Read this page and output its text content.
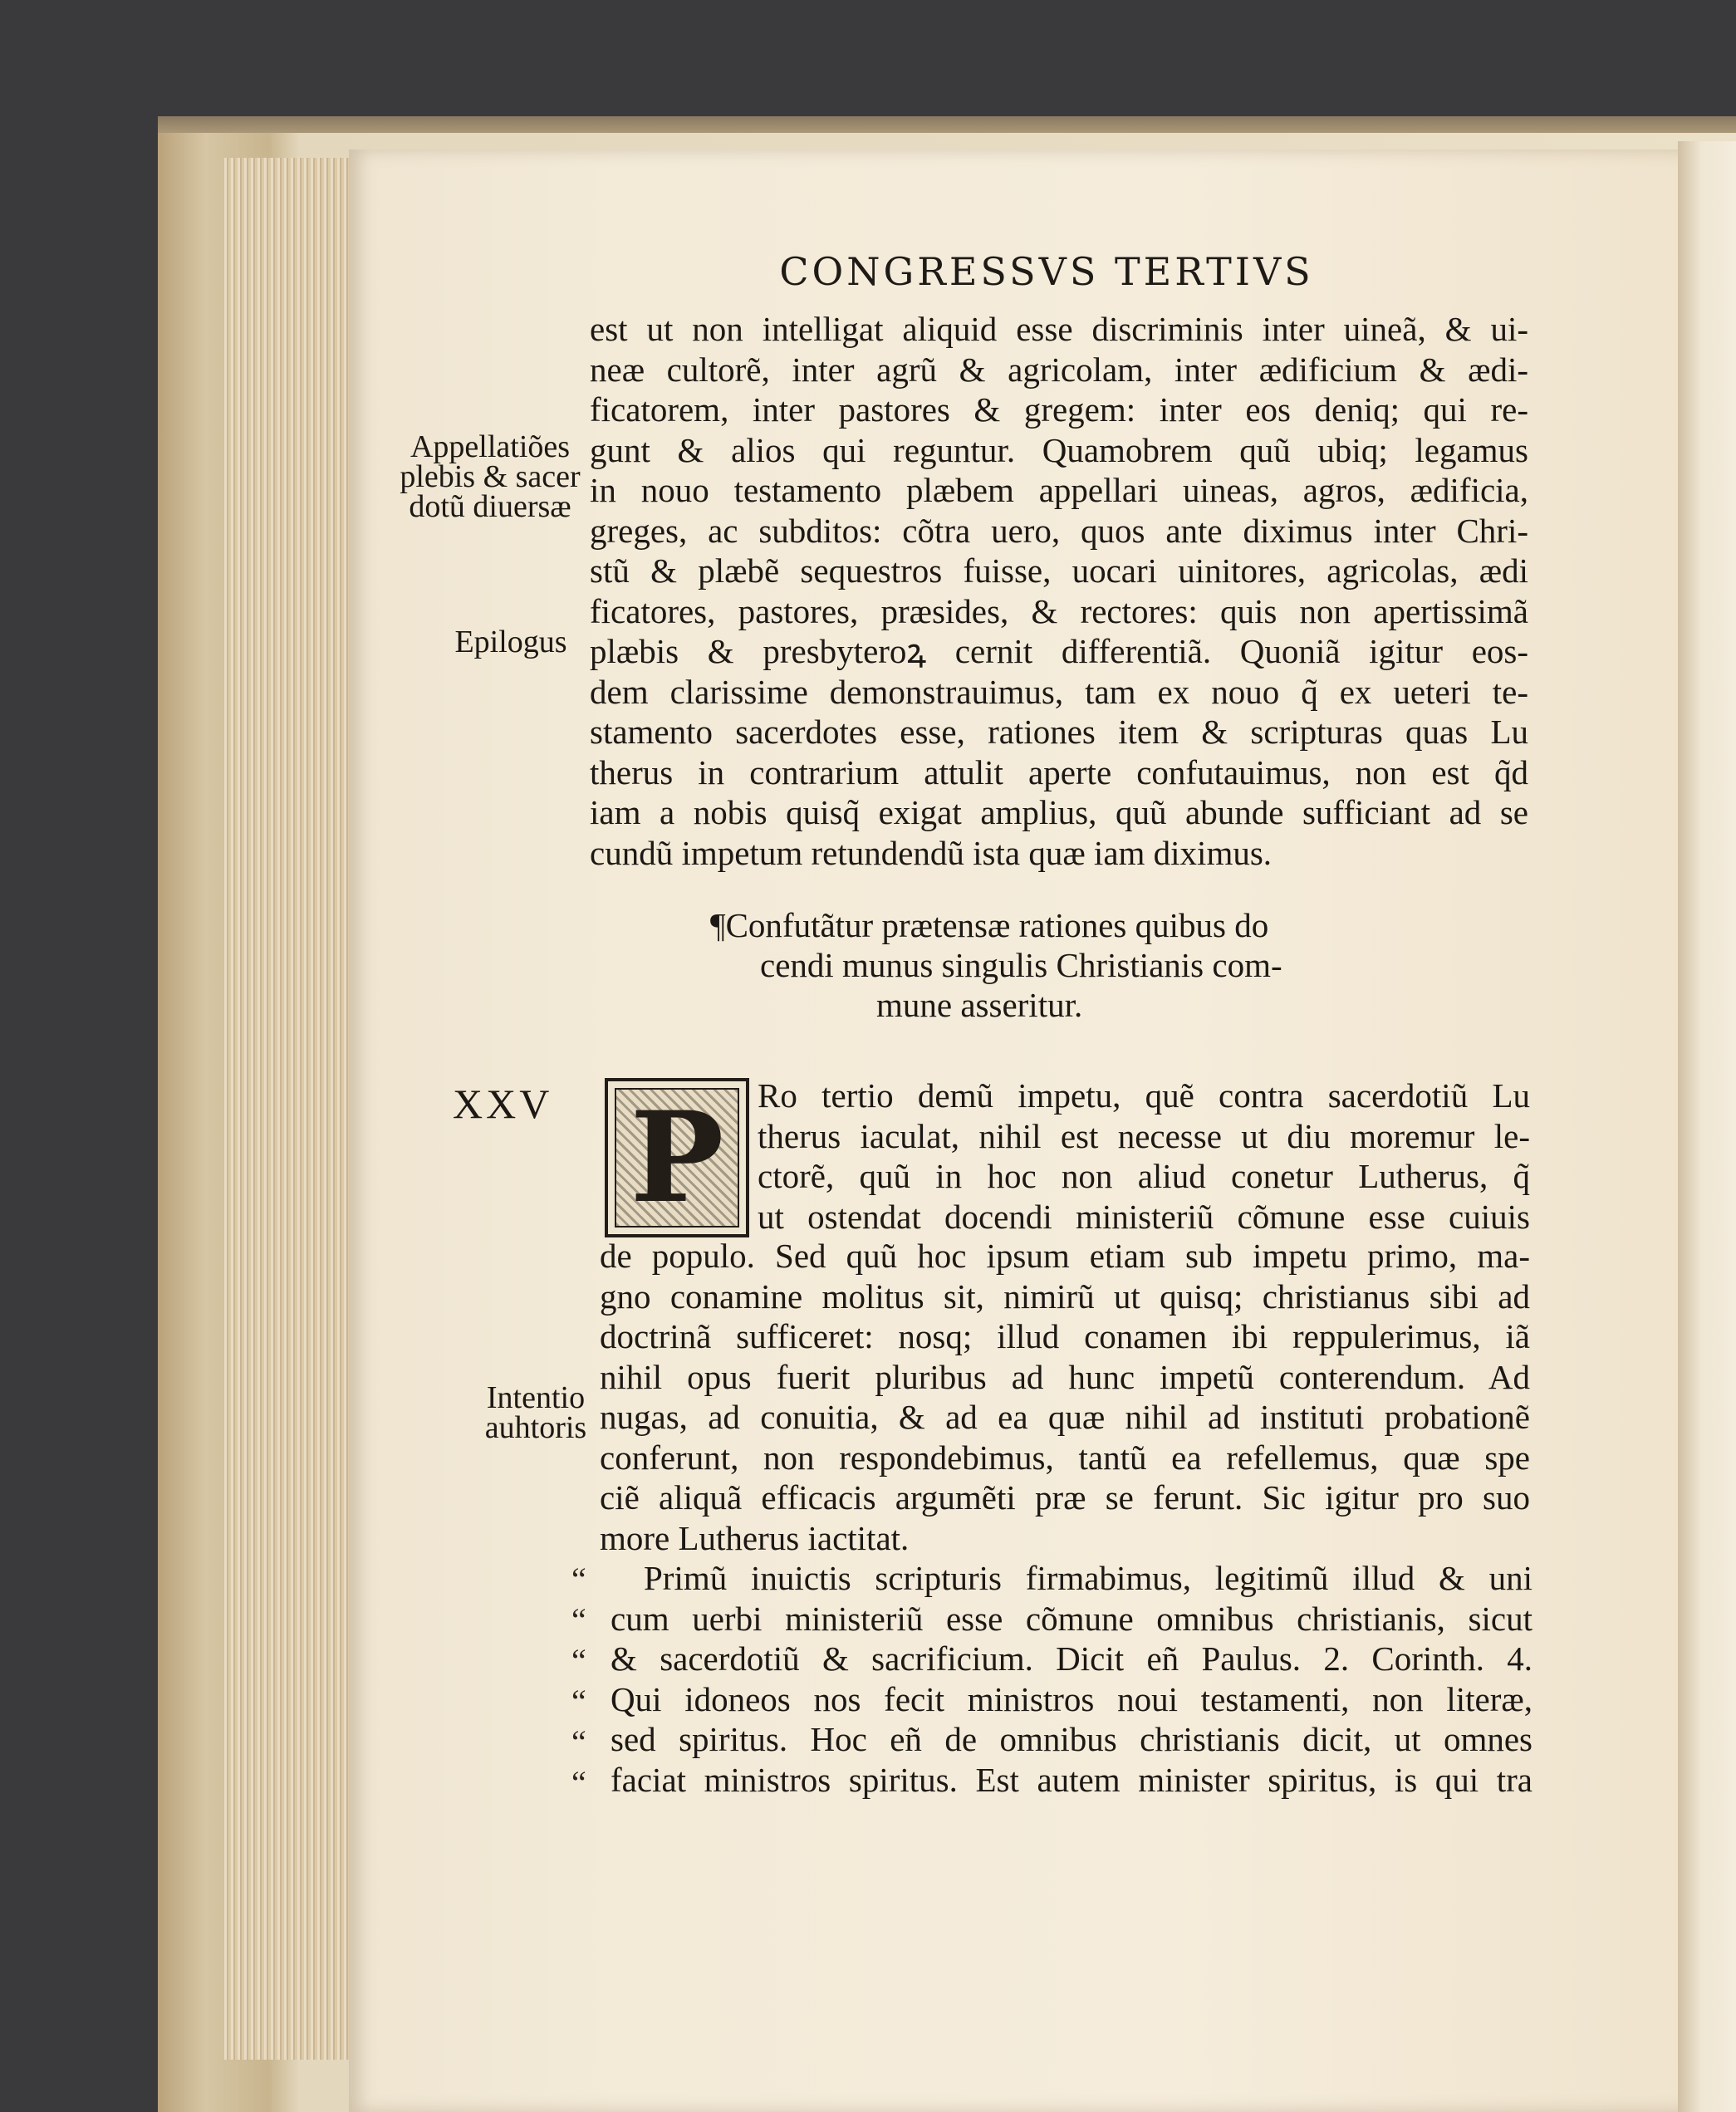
CONGRESSVS TERTIVS
Appellatiões
plebis & sacer
dotũ diuersæ
Epilogus
Intentio
auhtoris
XXV
est ut non intelligat aliquid esse discriminis inter uineã, & ui-
neæ cultorẽ, inter agrũ & agricolam, inter ædificium & ædi-
ficatorem, inter pastores & gregem: inter eos deniq; qui re-
gunt & alios qui reguntur. Quamobrem quũ ubiq; legamus
in nouo testamento plæbem appellari uineas, agros, ædificia,
greges, ac subditos: cõtra uero, quos ante diximus inter Chri-
stũ & plæbẽ sequestros fuisse, uocari uinitores, agricolas, ædi
ficatores, pastores, præsides, & rectores: quis non apertissimã
plæbis & presbyteroꝝ cernit differentiã. Quoniã igitur eos-
dem clarissime demonstrauimus, tam ex nouo q̃ ex ueteri te-
stamento sacerdotes esse, rationes item & scripturas quas Lu
therus in contrarium attulit aperte confutauimus, non est q̃d
iam a nobis quisq̃ exigat amplius, quũ abunde sufficiant ad se
cundũ impetum retundendũ ista quæ iam diximus.
¶Confutãtur prætensæ rationes quibus do
cendi munus singulis Christianis com-
mune asseritur.
P Ro tertio demũ impetu, quẽ contra sacerdotiũ Lu
therus iaculat, nihil est necesse ut diu moremur le-
ctorẽ, quũ in hoc non aliud conetur Lutherus, q̃
ut ostendat docendi ministeriũ cõmune esse cuiuis
de populo. Sed quũ hoc ipsum etiam sub impetu primo, ma-
gno conamine molitus sit, nimirũ ut quisq; christianus sibi ad
doctrinã sufficeret: nosq; illud conamen ibi reppulerimus, iã
nihil opus fuerit pluribus ad hunc impetũ conterendum. Ad
nugas, ad conuitia, & ad ea quæ nihil ad instituti probationẽ
conferunt, non respondebimus, tantũ ea refellemus, quæ spe
ciẽ aliquã efficacis argumẽti præ se ferunt. Sic igitur pro suo
more Lutherus iactitat.
“
“
“
“
“
“
Primũ inuictis scripturis firmabimus, legitimũ illud & uni
cum uerbi ministeriũ esse cõmune omnibus christianis, sicut
& sacerdotiũ & sacrificium. Dicit eñ Paulus. 2. Corinth. 4.
Qui idoneos nos fecit ministros noui testamenti, non literæ,
sed spiritus. Hoc eñ de omnibus christianis dicit, ut omnes
faciat ministros spiritus. Est autem minister spiritus, is qui tra
